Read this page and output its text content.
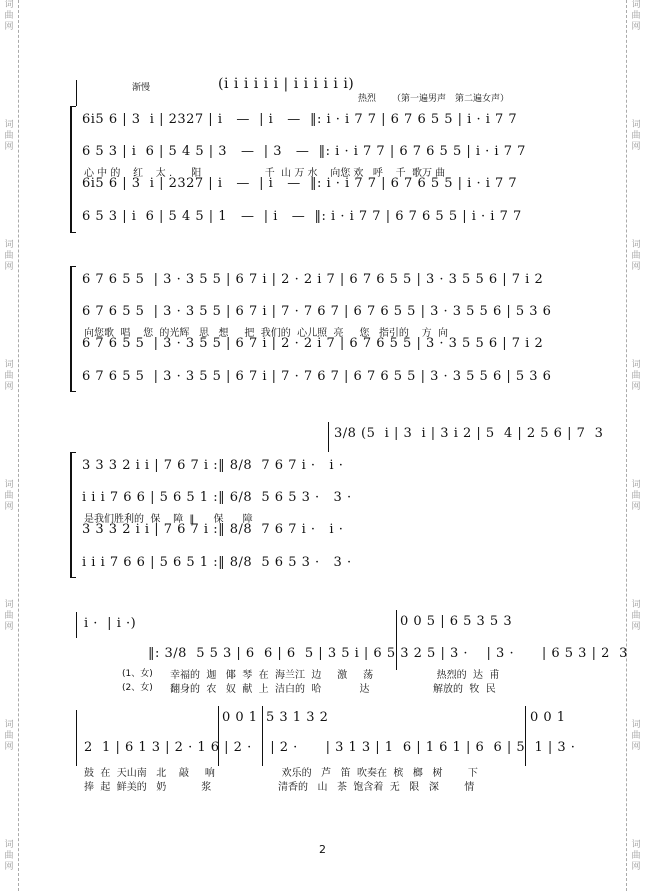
词
曲
网
词
曲
网
词
曲
网
词
曲
网
词
曲
网
词
曲
网
词
曲
网
词
曲
网
词
曲
网
词
曲
网
词
曲
网
词
曲
网
词
曲
网
词
曲
网
词
曲
网
词
曲
网
渐慢	(i i i i i i | i i i i i i)
热烈 （第一遍男声　第二遍女声）
6i5 6 | 3  i | 2327 | i   —  | i   —  ‖: i · i 7 7 | 6 7 6 5 5 | i · i 7 7
6 5 3 | i  6 | 5 4 5 | 3   —  | 3   —  ‖: i · i 7 7 | 6 7 6 5 5 | i · i 7 7
心 中 的    红    太 .      阳                    千  山 万 水    向您 欢   呼    千  歌万 曲
6i5 6 | 3  i | 2327 | i   —  | i   —  ‖: i · i 7 7 | 6 7 6 5 5 | i · i 7 7
6 5 3 | i  6 | 5 4 5 | 1   —  | i   —  ‖: i · i 7 7 | 6 7 6 5 5 | i · i 7 7
6 7 6 5 5  | 3 · 3 5 5 | 6 7 i | 2 · 2 i 7 | 6 7 6 5 5 | 3 · 3 5 5 6 | 7 i 2
6 7 6 5 5  | 3 · 3 5 5 | 6 7 i | 7 · 7 6 7 | 6 7 6 5 5 | 3 · 3 5 5 6 | 5 3 6
向您歌  唱    您  的光辉   思   想     把  我们的  心儿照  亮     您   指引的    方  向
6 7 6 5 5  | 3 · 3 5 5 | 6 7 i | 2 · 2 i 7 | 6 7 6 5 5 | 3 · 3 5 5 6 | 7 i 2
6 7 6 5 5  | 3 · 3 5 5 | 6 7 i | 7 · 7 6 7 | 6 7 6 5 5 | 3 · 3 5 5 6 | 5 3 6
3/8 (5  i | 3  i | 3 i 2 | 5  4 | 2 5 6 | 7  3
3 3 3 2 i i | 7 6 7 i :‖ 8/8  7 6 7 i ·   i ·
i i i 7 6 6 | 5 6 5 1 :‖ 6/8  5 6 5 3 ·   3 ·
是我们胜利的  保    障  ‖      保      障
3 3 3 2 i i | 7 6 7 i :‖ 8/8  7 6 7 i ·   i ·
i i i 7 6 6 | 5 6 5 1 :‖ 8/8  5 6 5 3 ·   3 ·
i ·  | i ·)	0 0 5 | 6 5 3 5 3
‖: 3/8  5 5 3 | 6  6 | 6  5 | 3 5 i | 6 5 3 2 5 | 3 ·    | 3 ·      | 6 5 3 | 2  3
(1、女) 幸福的  迦   倻  琴  在  海兰江  边     激     荡                    热烈的  达  甫
(2、女) 翻身的  农   奴  献  上  洁白的  哈            达                    解放的  牧  民
0 0 1 5 3 1 3 2	0 0 1
2  1 | 6 1 3 | 2 · 1 6 | 2 ·    | 2 ·      | 3 1 3 | 1  6 | 1 6 1 | 6  6 | 5  1 | 3 ·
鼓  在  天山南   北    敲     响                     欢乐的   芦   笛  吹奏在  槟   榔   树        下
捧  起  鲜美的   奶           浆                     清香的   山   茶  饱含着  无   限   深        情
2
